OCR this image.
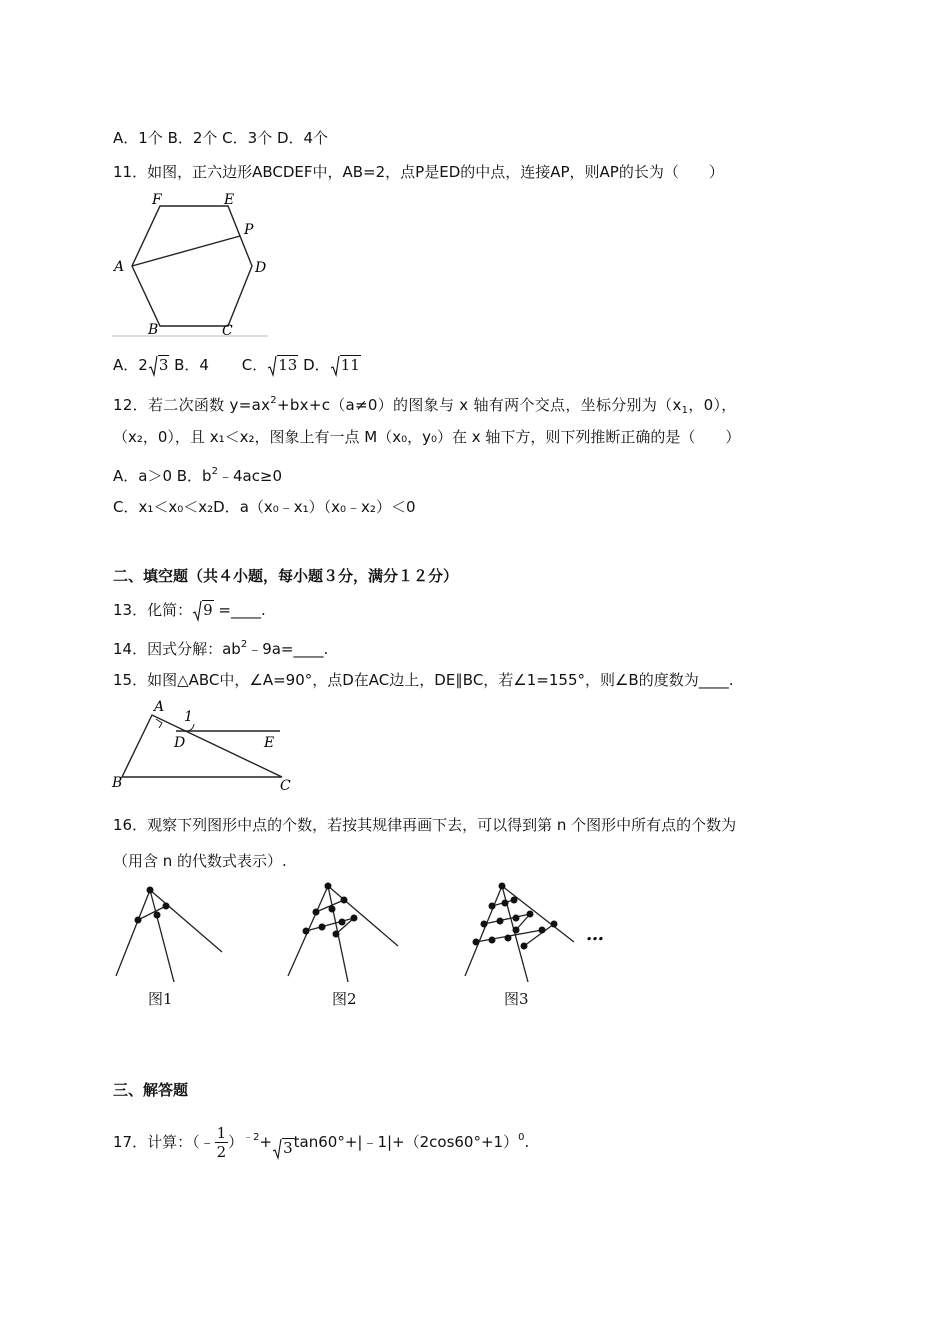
A．1个 B．2个 C．3个 D．4个
11．如图，正六边形ABCDEF中，AB=2，点P是ED的中点，连接AP，则AP的长为（　　）
F	E
P
A	D
B	C
A．2 3 B．4 C． 13 D． 11
12．若二次函数 $y=ax^2+bx+c(a\ne 0)$的图象与 x 轴有两个交点，坐标分别为（$x_1$，0），
（x₂，0），且 x₁＜x₂，图象上有一点 M（x₀，y₀）在 x 轴下方，则下列推断正确的是（　　）
A．a＞0 B．$b^2﹣4ac\ge 0$
C．x₁＜x₀＜x₂D．a（x₀﹣x₁）（x₀﹣x₂）＜0
二、填空题（共４小题，每小题３分，满分１２分）
13．化简： 9 =____.
14．因式分解：$ab^2﹣9a=\_\_\_\_$.
15．如图△ABC中，∠A=90°，点D在AC边上，DE∥BC，若∠1=155°，则∠B的度数为____.
A
1
D	E
B	C
16．观察下列图形中点的个数，若按其规律再画下去，可以得到第 n 个图形中所有点的个数为
（用含 n 的代数式表示）.
…
图1	图2	图3
三、解答题
17．计算：（﹣ $\frac{1}{2} )^{﹣2}+$ $3\tan 60^\circ+|﹣1|+(2\cos 60^\circ+1)^0$.
